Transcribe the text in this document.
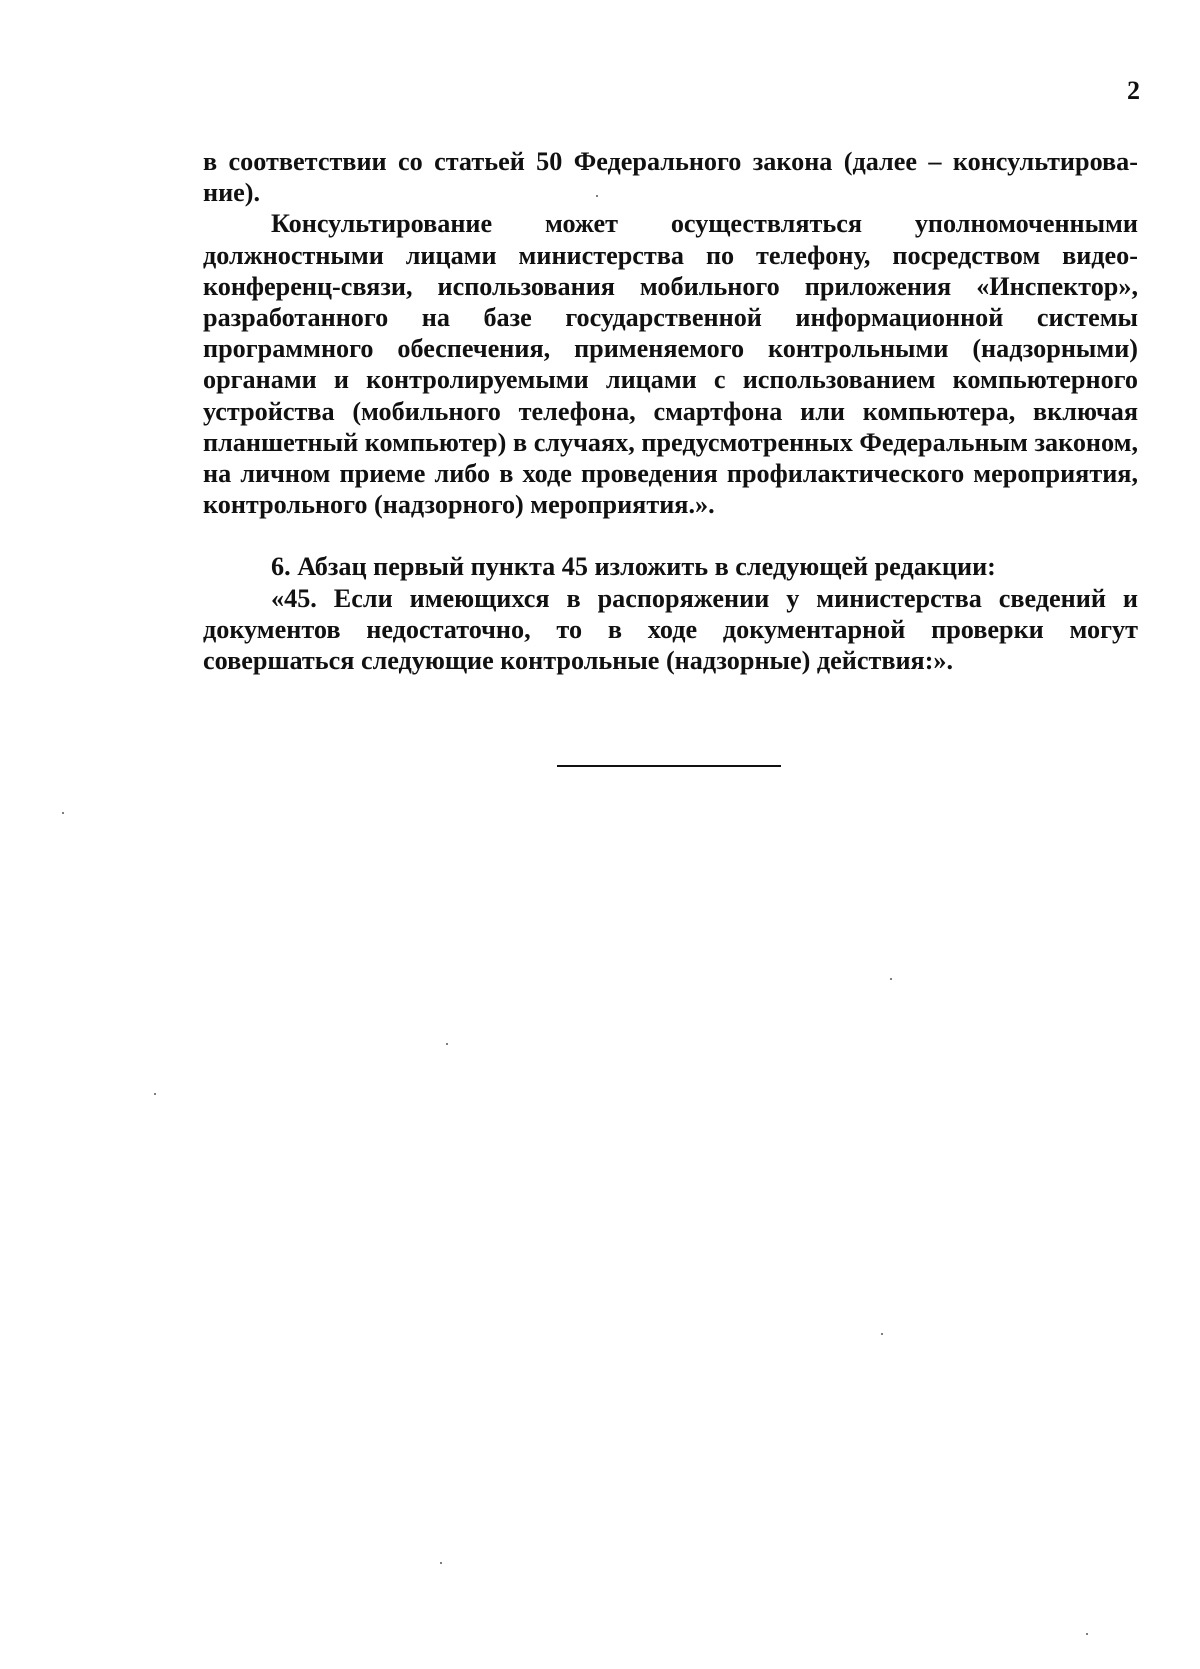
2

в соответствии со статьей 50 Федерального закона (далее – консультирова-ние).

Консультирование может осуществляться уполномоченными должностными лицами министерства по телефону, посредством видео-конференц-связи, использования мобильного приложения «Инспектор», разработанного на базе государственной информационной системы программного обеспечения, применяемого контрольными (надзорными) органами и контролируемыми лицами с использованием компьютерного устройства (мобильного телефона, смартфона или компьютера, включая планшетный компьютер) в случаях, предусмотренных Федеральным законом, на личном приеме либо в ходе проведения профилактического мероприятия, контрольного (надзорного) мероприятия.».

6. Абзац первый пункта 45 изложить в следующей редакции:

«45. Если имеющихся в распоряжении у министерства сведений и документов недостаточно, то в ходе документарной проверки могут совершаться следующие контрольные (надзорные) действия:».
